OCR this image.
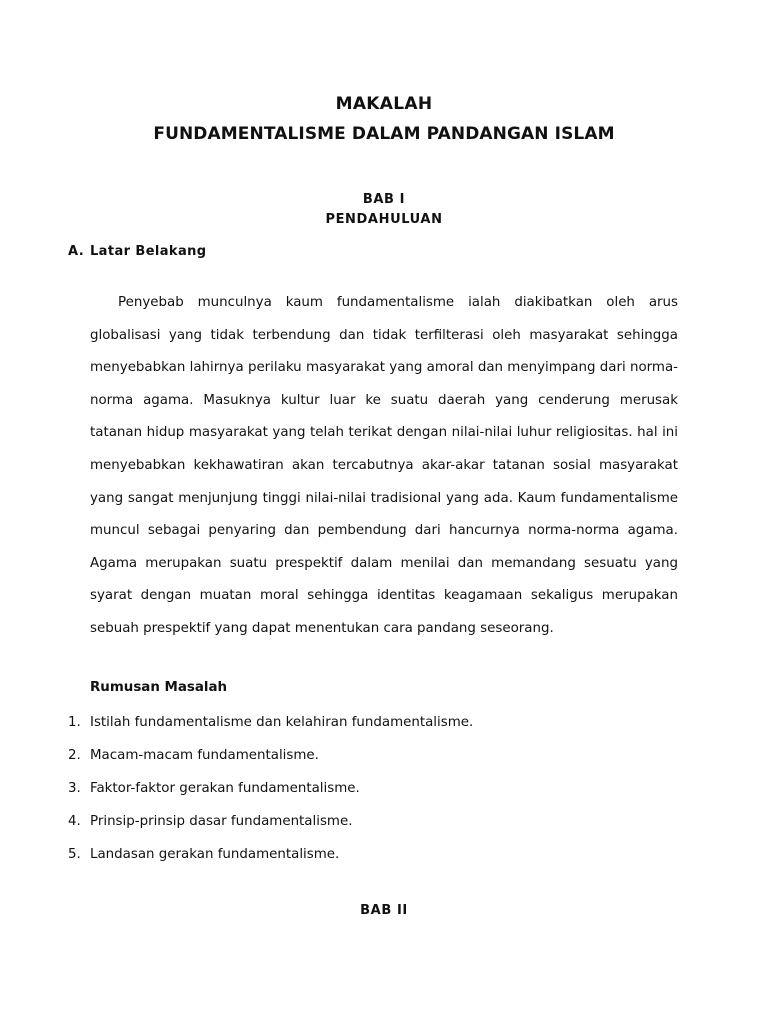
MAKALAH
FUNDAMENTALISME DALAM PANDANGAN ISLAM
BAB I
PENDAHULUAN
A. Latar Belakang

Penyebab munculnya kaum fundamentalisme ialah diakibatkan oleh arus globalisasi yang tidak terbendung dan tidak terfilterasi oleh masyarakat sehingga menyebabkan lahirnya perilaku masyarakat yang amoral dan menyimpang dari norma-norma agama. Masuknya kultur luar ke suatu daerah yang cenderung merusak tatanan hidup masyarakat yang telah terikat dengan nilai-nilai luhur religiositas. hal ini menyebabkan kekhawatiran akan tercabutnya akar-akar tatanan sosial masyarakat yang sangat menjunjung tinggi nilai-nilai tradisional yang ada. Kaum fundamentalisme muncul sebagai penyaring dan pembendung dari hancurnya norma-norma agama. Agama merupakan suatu prespektif dalam menilai dan memandang sesuatu yang syarat dengan muatan moral sehingga identitas keagamaan sekaligus merupakan sebuah prespektif yang dapat menentukan cara pandang seseorang.

Rumusan Masalah
1. Istilah fundamentalisme dan kelahiran fundamentalisme.
2. Macam-macam fundamentalisme.
3. Faktor-faktor gerakan fundamentalisme.
4. Prinsip-prinsip dasar fundamentalisme.
5. Landasan gerakan fundamentalisme.
BAB II
